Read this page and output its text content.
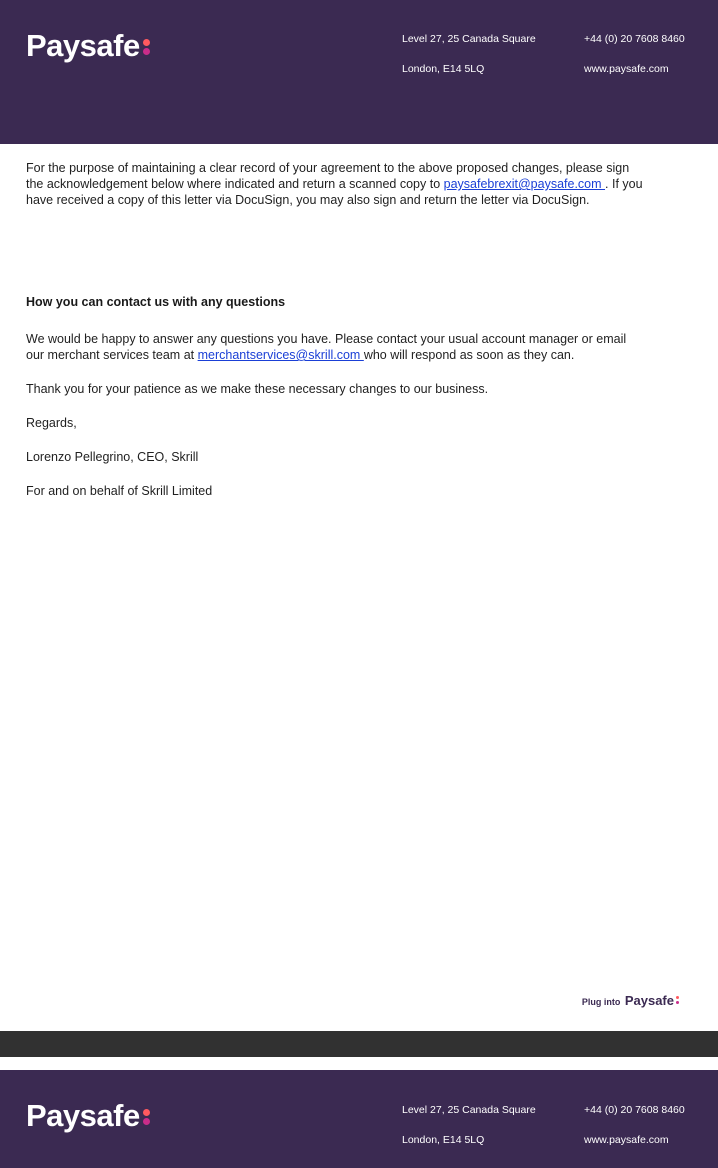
Paysafe	Level 27, 25 Canada Square
London, E14 5LQ
+44 (0) 20 7608 8460
www.paysafe.com
For the purpose of maintaining a clear record of your agreement to the above proposed changes, please sign the acknowledgement below where indicated and return a scanned copy to paysafebrexit@paysafe.com . If you have received a copy of this letter via DocuSign, you may also sign and return the letter via DocuSign.
How you can contact us with any questions
We would be happy to answer any questions you have. Please contact your usual account manager or email our merchant services team at merchantservices@skrill.com who will respond as soon as they can.
Thank you for your patience as we make these necessary changes to our business.
Regards,
Lorenzo Pellegrino, CEO, Skrill
For and on behalf of Skrill Limited
Plug into Paysafe
Paysafe	Level 27, 25 Canada Square
London, E14 5LQ
+44 (0) 20 7608 8460
www.paysafe.com
